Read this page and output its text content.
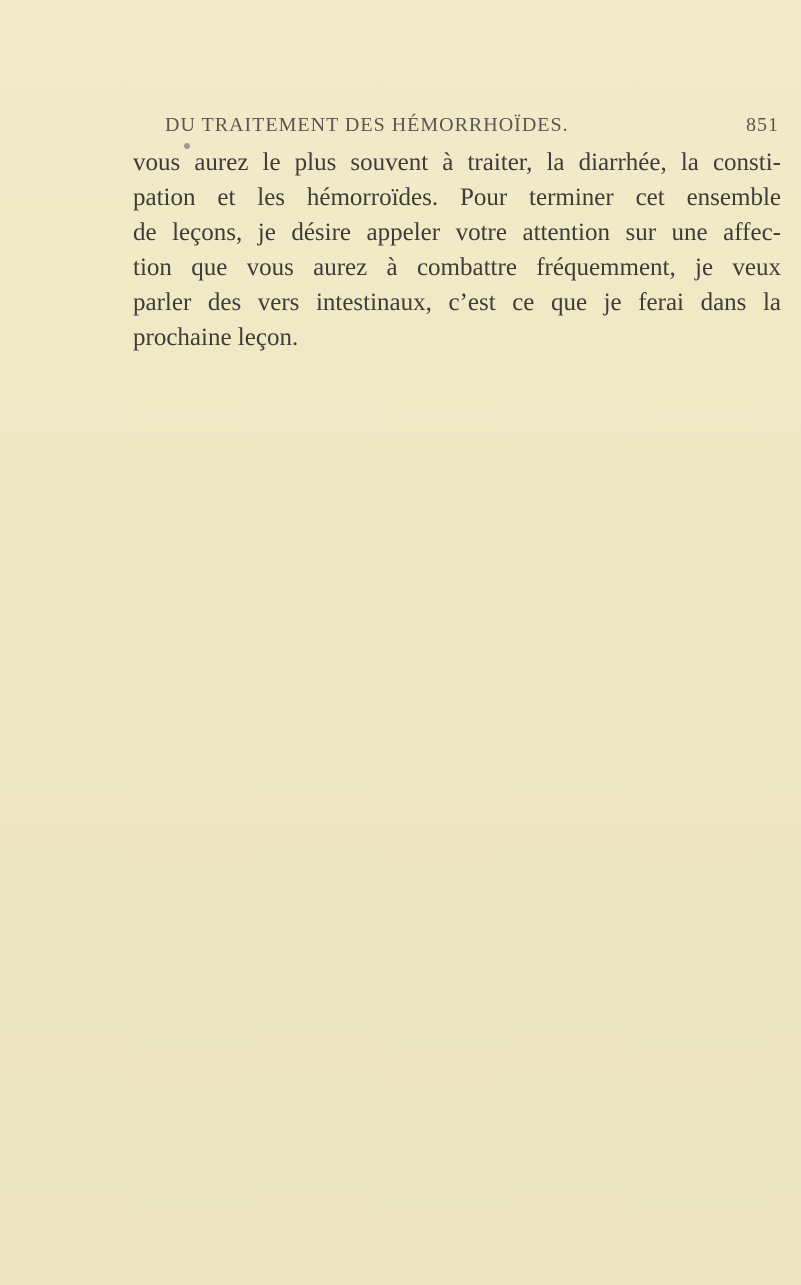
DU TRAITEMENT DES HÉMORRHOÏDES.	851
vous aurez le plus souvent à traiter, la diarrhée, la consti-
pation et les hémorroïdes. Pour terminer cet ensemble
de leçons, je désire appeler votre attention sur une affec-
tion que vous aurez à combattre fréquemment, je veux
parler des vers intestinaux, c’est ce que je ferai dans la
prochaine leçon.
